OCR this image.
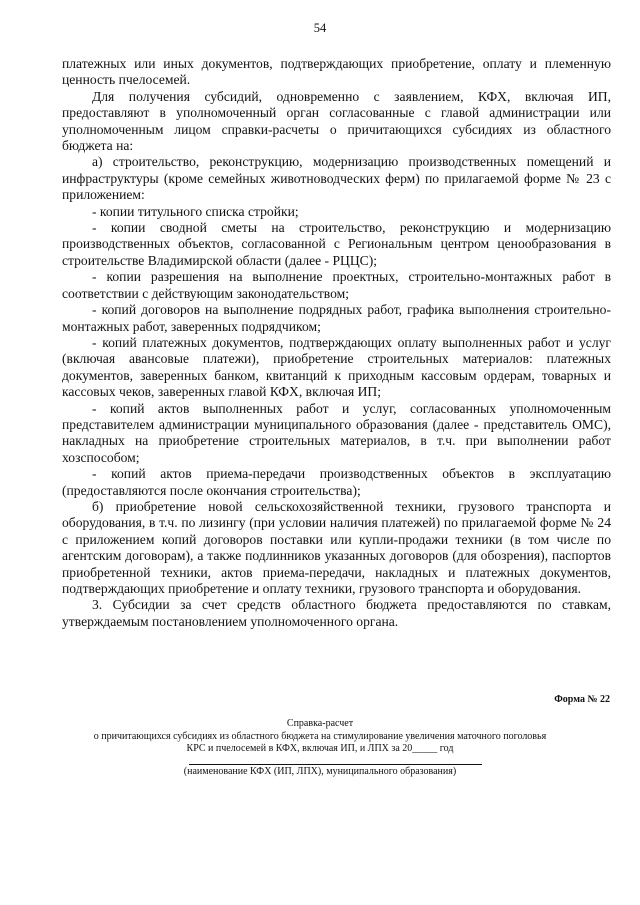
54

платежных или иных документов, подтверждающих приобретение, оплату и племенную ценность пчелосемей.

Для получения субсидий, одновременно с заявлением, КФХ, включая ИП, предоставляют в уполномоченный орган согласованные с главой администрации или уполномоченным лицом справки-расчеты о причитающихся субсидиях из областного бюджета на:

а) строительство, реконструкцию, модернизацию производственных помещений и инфраструктуры (кроме семейных животноводческих ферм) по прилагаемой форме № 23 с приложением:

- копии титульного списка стройки;

- копии сводной сметы на строительство, реконструкцию и модернизацию производственных объектов, согласованной с Региональным центром ценообразования в строительстве Владимирской области (далее - РЦЦС);

- копии разрешения на выполнение проектных, строительно-монтажных работ в соответствии с действующим законодательством;

- копий договоров на выполнение подрядных работ, графика выполнения строительно-монтажных работ, заверенных подрядчиком;

- копий платежных документов, подтверждающих оплату выполненных работ и услуг (включая авансовые платежи), приобретение строительных материалов: платежных документов, заверенных банком, квитанций к приходным кассовым ордерам, товарных и кассовых чеков, заверенных главой КФХ, включая ИП;

- копий актов выполненных работ и услуг, согласованных уполномоченным представителем администрации муниципального образования (далее - представитель ОМС), накладных на приобретение строительных материалов, в т.ч. при выполнении работ хозспособом;

- копий актов приема-передачи производственных объектов в эксплуатацию (предоставляются после окончания строительства);

б) приобретение новой сельскохозяйственной техники, грузового транспорта и оборудования, в т.ч. по лизингу (при условии наличия платежей) по прилагаемой форме № 24 с приложением копий договоров поставки или купли-продажи техники (в том числе по агентским договорам), а также подлинников указанных договоров (для обозрения), паспортов приобретенной техники, актов приема-передачи, накладных и платежных документов, подтверждающих приобретение и оплату техники, грузового транспорта и оборудования.

3. Субсидии за счет средств областного бюджета предоставляются по ставкам, утверждаемым постановлением уполномоченного органа.

Форма № 22
Справка-расчет
о причитающихся субсидиях из областного бюджета на стимулирование увеличения маточного поголовья
КРС и пчелосемей в КФХ, включая ИП, и ЛПХ за 20_____ год
(наименование КФХ (ИП, ЛПХ), муниципального образования)
